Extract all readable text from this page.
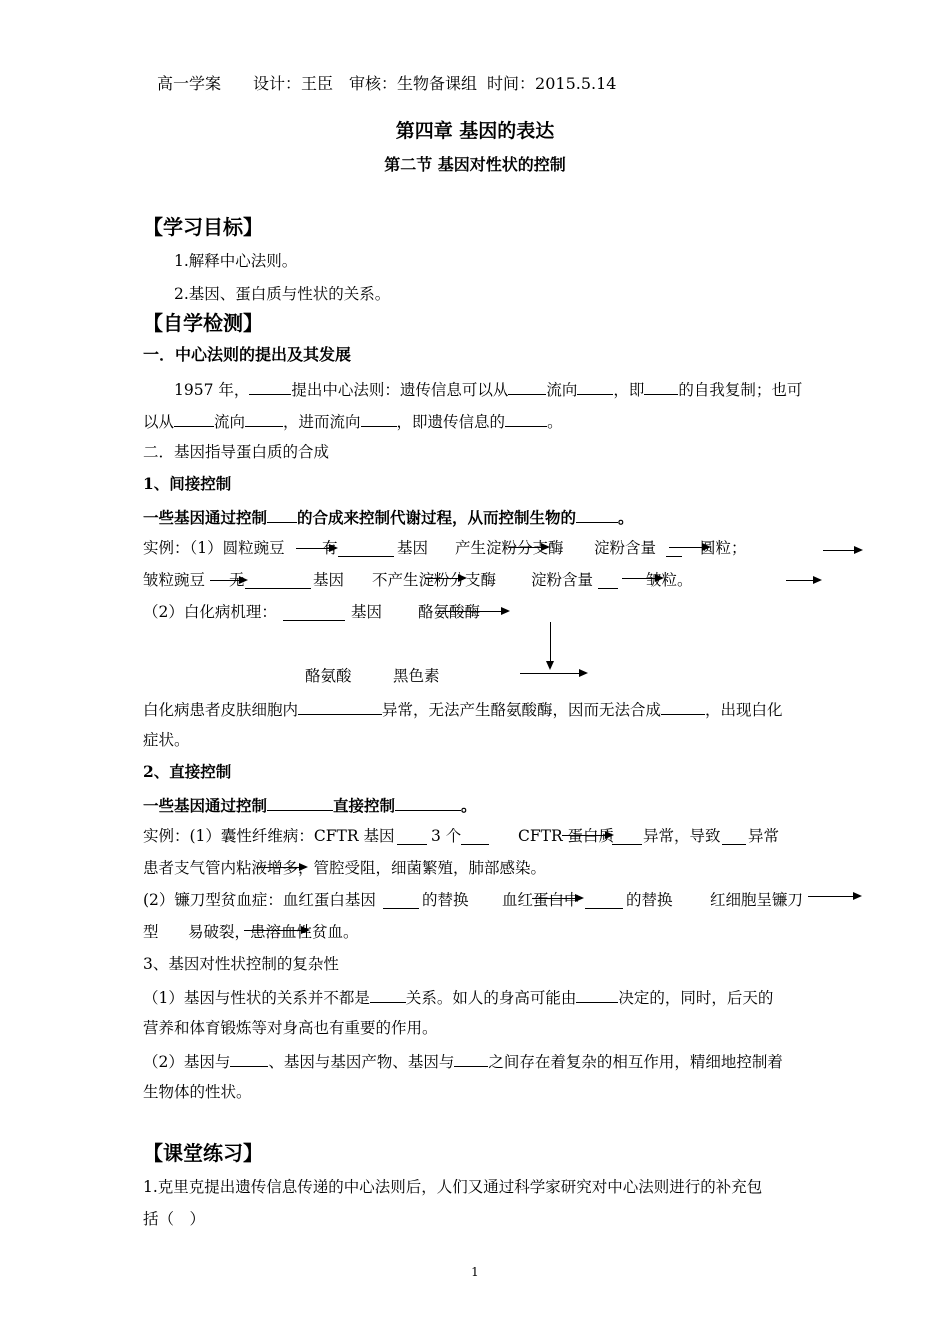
高一学案 设计：王臣 审核：生物备课组 时间：2015.5.14
第四章 基因的表达
第二节 基因对性状的控制
【学习目标】
1.解释中心法则。
2.基因、蛋白质与性状的关系。
【自学检测】
一．中心法则的提出及其发展
1957 年，	提出中心法则：遗传信息可以从 流向 ，即 的自我复制；也可
以从	流向 ，进而流向 ，即遗传信息的	。
二．基因指导蛋白质的合成
1、间接控制
一些基因通过控制 的合成来控制代谢过程，从而控制生物的	。
实例：（1）圆粒豌豆 有	基因 产生淀粉分支酶 淀粉含量	圆粒；
皱粒豌豆 无	基因 不产生淀粉分支酶 淀粉含量	皱粒。
（2）白化病机理：	基因 酪氨酸酶
酪氨酸	黑色素
白化病患者皮肤细胞内	异常，无法产生酪氨酸酶，因而无法合成	，出现白化
症状。
2、直接控制
一些基因通过控制	直接控制	。
实例：(1）囊性纤维病：CFTR 基因 3 个	CFTR 蛋白质 异常，导致 异常
患者支气管内粘液增多，管腔受阻，细菌繁殖，肺部感染。
(2）镰刀型贫血症：血红蛋白基因	的替换 血红蛋白中	的替换 红细胞呈镰刀
型 易破裂，患溶血性贫血。
3、基因对性状控制的复杂性
（1）基因与性状的关系并不都是 关系。如人的身高可能由	决定的，同时，后天的
营养和体育锻炼等对身高也有重要的作用。
（2）基因与 、基因与基因产物、基因与 之间存在着复杂的相互作用，精细地控制着
生物体的性状。
【课堂练习】
1.克里克提出遗传信息传递的中心法则后，人们又通过科学家研究对中心法则进行的补充包
括（　）
1
